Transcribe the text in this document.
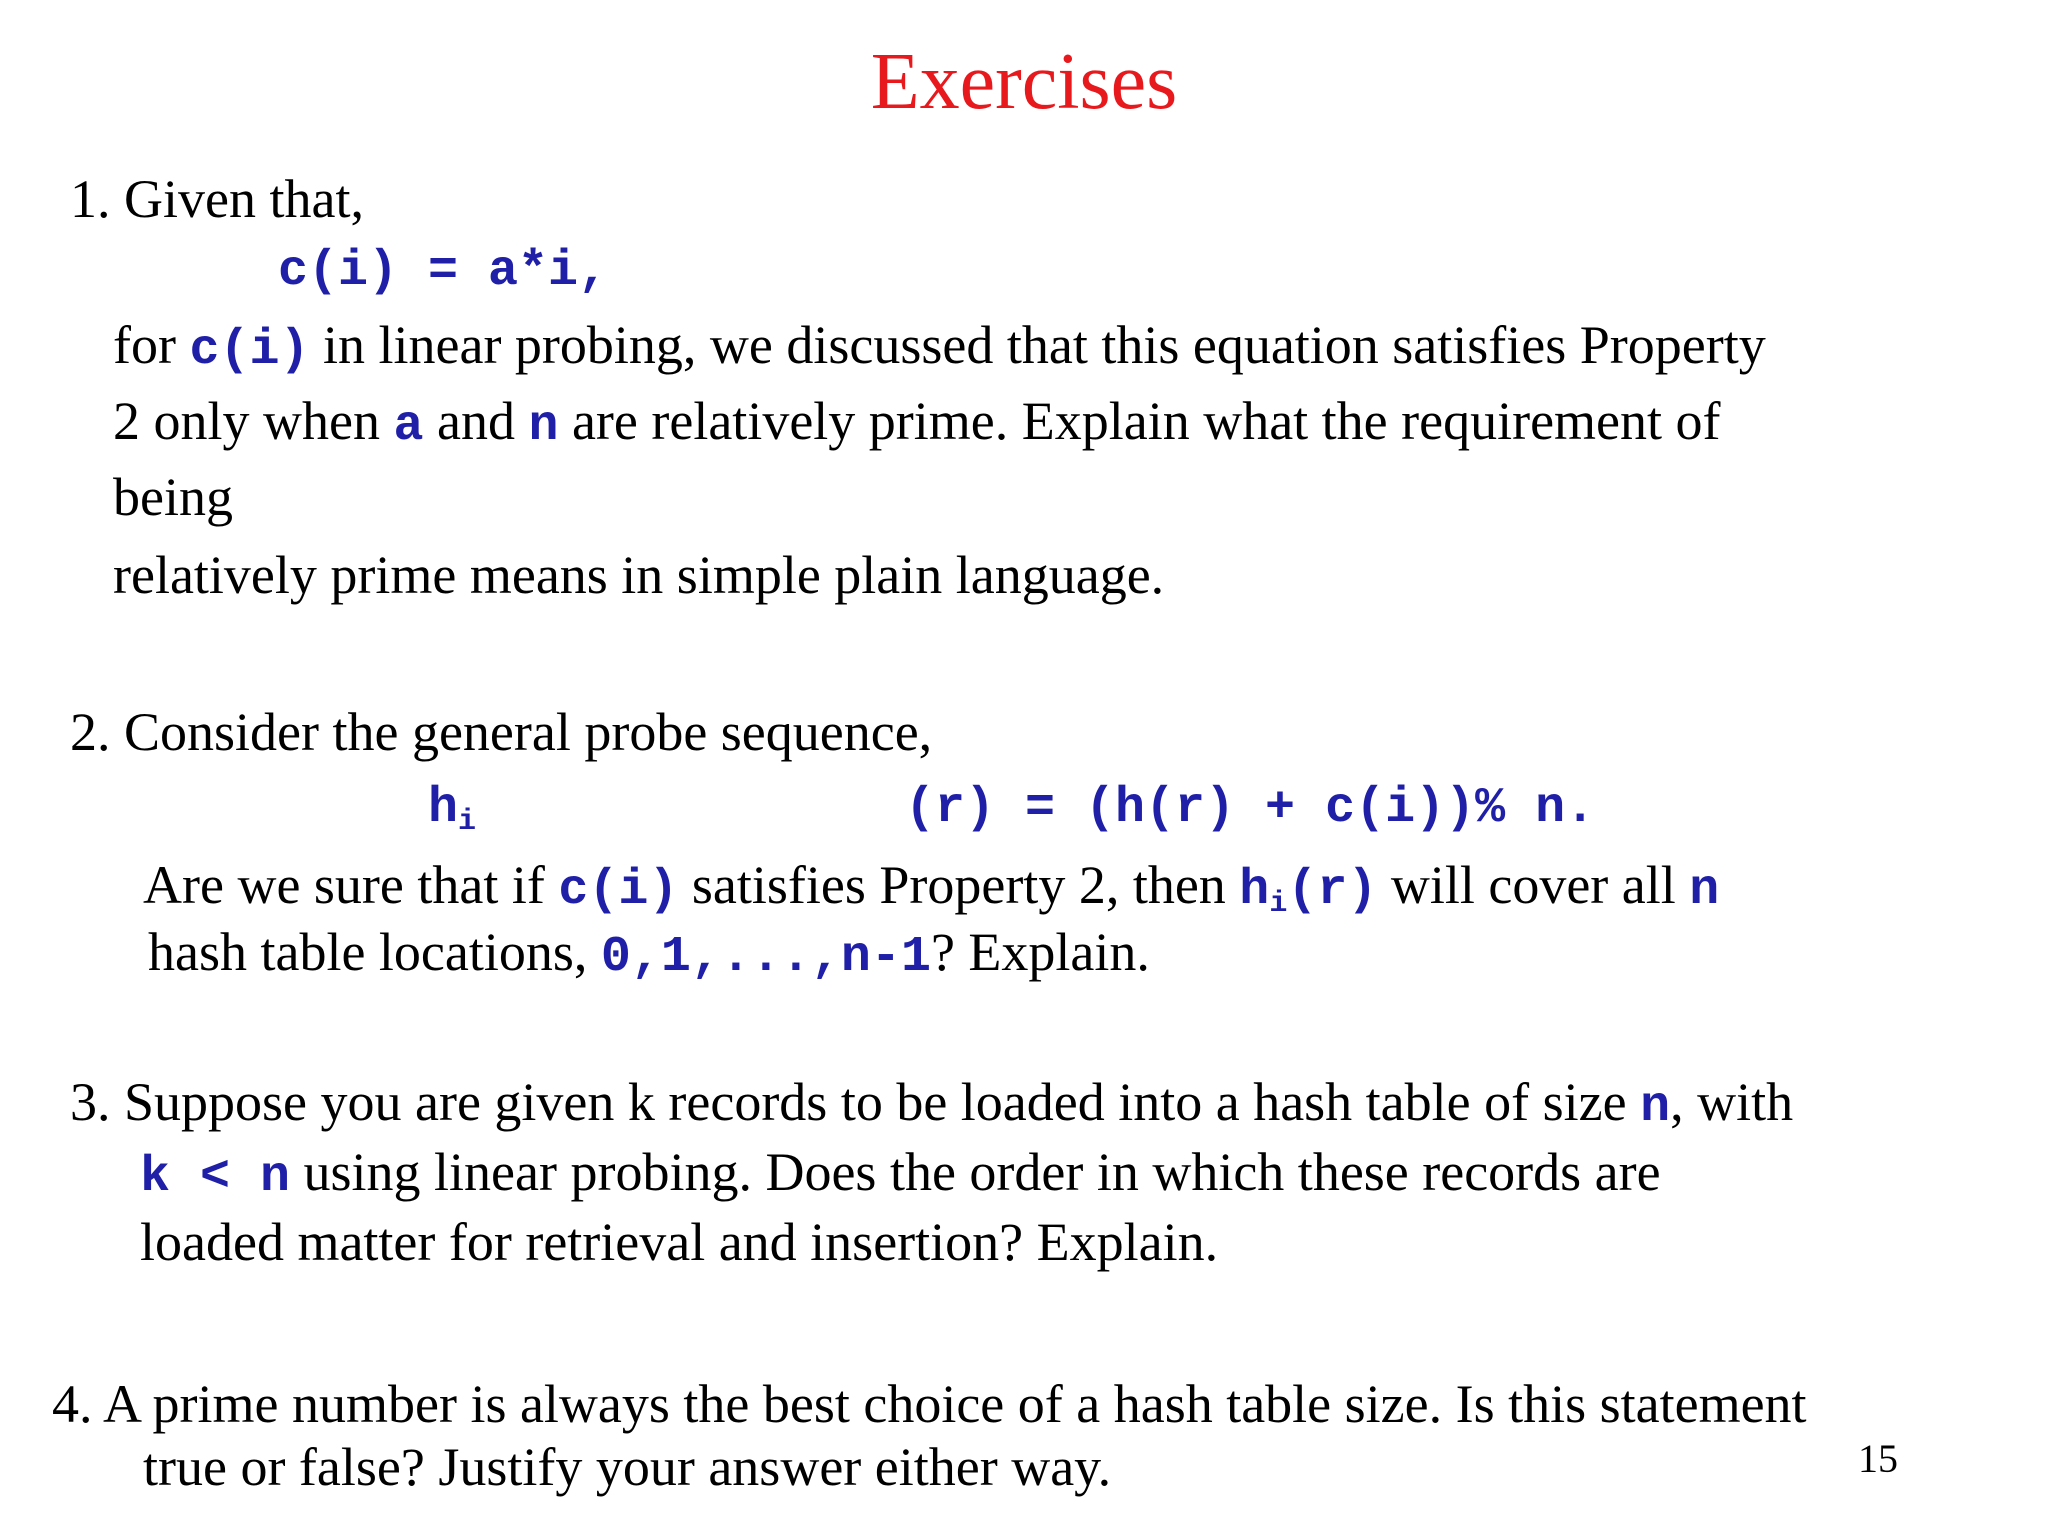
Exercises
1. Given that,
c(i) = a*i,
for c(i) in linear probing, we discussed that this equation satisfies Property
2 only when a and n are relatively prime. Explain what the requirement of
being
relatively prime means in simple plain language.
2. Consider the general probe sequence,
$h_i$	(r) = (h(r) + c(i))% n.
Are we sure that if c(i) satisfies Property 2, then $h_i(r)$ will cover all n
hash table locations, 0,1,...,n-1? Explain.
3. Suppose you are given k records to be loaded into a hash table of size n, with
k < n using linear probing. Does the order in which these records are
loaded matter for retrieval and insertion? Explain.
4. A prime number is always the best choice of a hash table size. Is this statement
true or false? Justify your answer either way.	15
